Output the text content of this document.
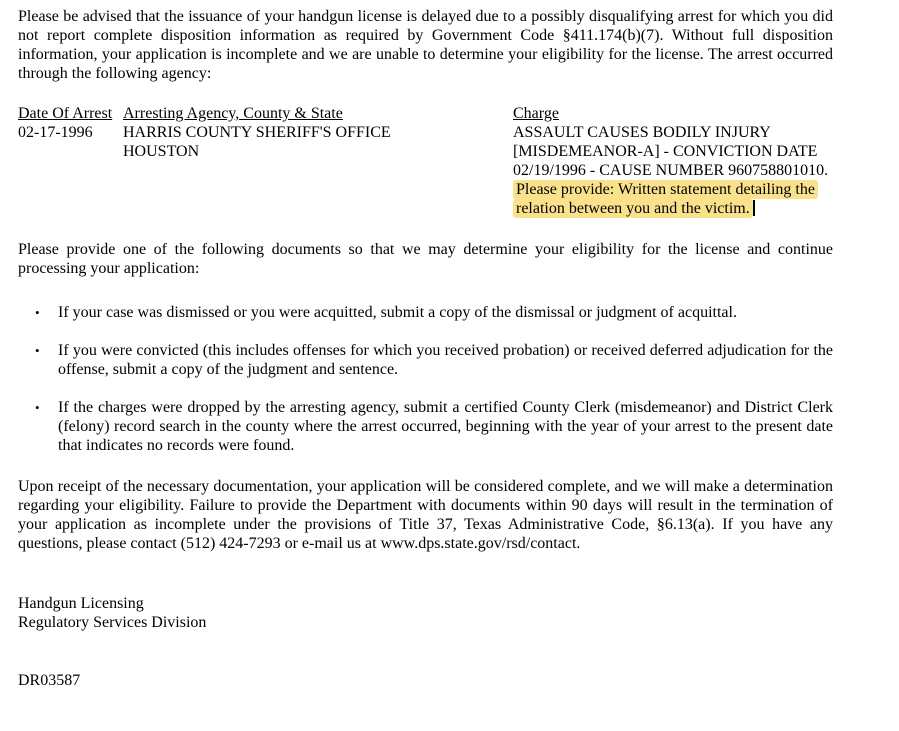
Please be advised that the issuance of your handgun license is delayed due to a possibly disqualifying arrest for which you did not report complete disposition information as required by Government Code §411.174(b)(7). Without full disposition information, your application is incomplete and we are unable to determine your eligibility for the license. The arrest occurred through the following agency:

Date Of Arrest
02-17-1996
Arresting Agency, County & State
HARRIS COUNTY SHERIFF'S OFFICE
HOUSTON
Charge
ASSAULT CAUSES BODILY INJURY [MISDEMEANOR-A] - CONVICTION DATE 02/19/1996 - CAUSE NUMBER 960758801010. Please provide: Written statement detailing the relation between you and the victim.

Please provide one of the following documents so that we may determine your eligibility for the license and continue processing your application:

• If your case was dismissed or you were acquitted, submit a copy of the dismissal or judgment of acquittal.
• If you were convicted (this includes offenses for which you received probation) or received deferred adjudication for the offense, submit a copy of the judgment and sentence.
• If the charges were dropped by the arresting agency, submit a certified County Clerk (misdemeanor) and District Clerk (felony) record search in the county where the arrest occurred, beginning with the year of your arrest to the present date that indicates no records were found.

Upon receipt of the necessary documentation, your application will be considered complete, and we will make a determination regarding your eligibility. Failure to provide the Department with documents within 90 days will result in the termination of your application as incomplete under the provisions of Title 37, Texas Administrative Code, §6.13(a). If you have any questions, please contact (512) 424-7293 or e-mail us at www.dps.state.gov/rsd/contact.

Handgun Licensing
Regulatory Services Division
DR03587
